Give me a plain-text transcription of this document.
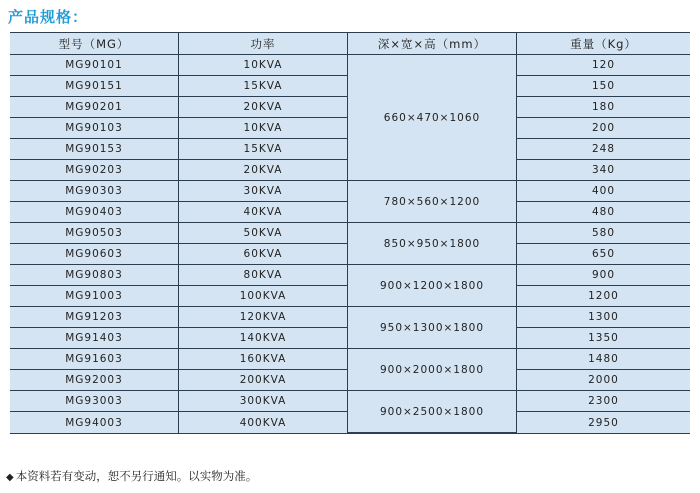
产品规格：
型号（MG）	功率	深×宽×高（mm）	重量（Kg）
MG90101	10KVA	660×470×1060	120
MG90151	15KVA		150
MG90201	20KVA		180
MG90103	10KVA		200
MG90153	15KVA		248
MG90203	20KVA		340
MG90303	30KVA	780×560×1200	400
MG90403	40KVA		480
MG90503	50KVA	850×950×1800	580
MG90603	60KVA		650
MG90803	80KVA	900×1200×1800	900
MG91003	100KVA		1200
MG91203	120KVA	950×1300×1800	1300
MG91403	140KVA		1350
MG91603	160KVA	900×2000×1800	1480
MG92003	200KVA		2000
MG93003	300KVA	900×2500×1800	2300
MG94003	400KVA		2950
◆ 本资料若有变动，恕不另行通知。以实物为准。
